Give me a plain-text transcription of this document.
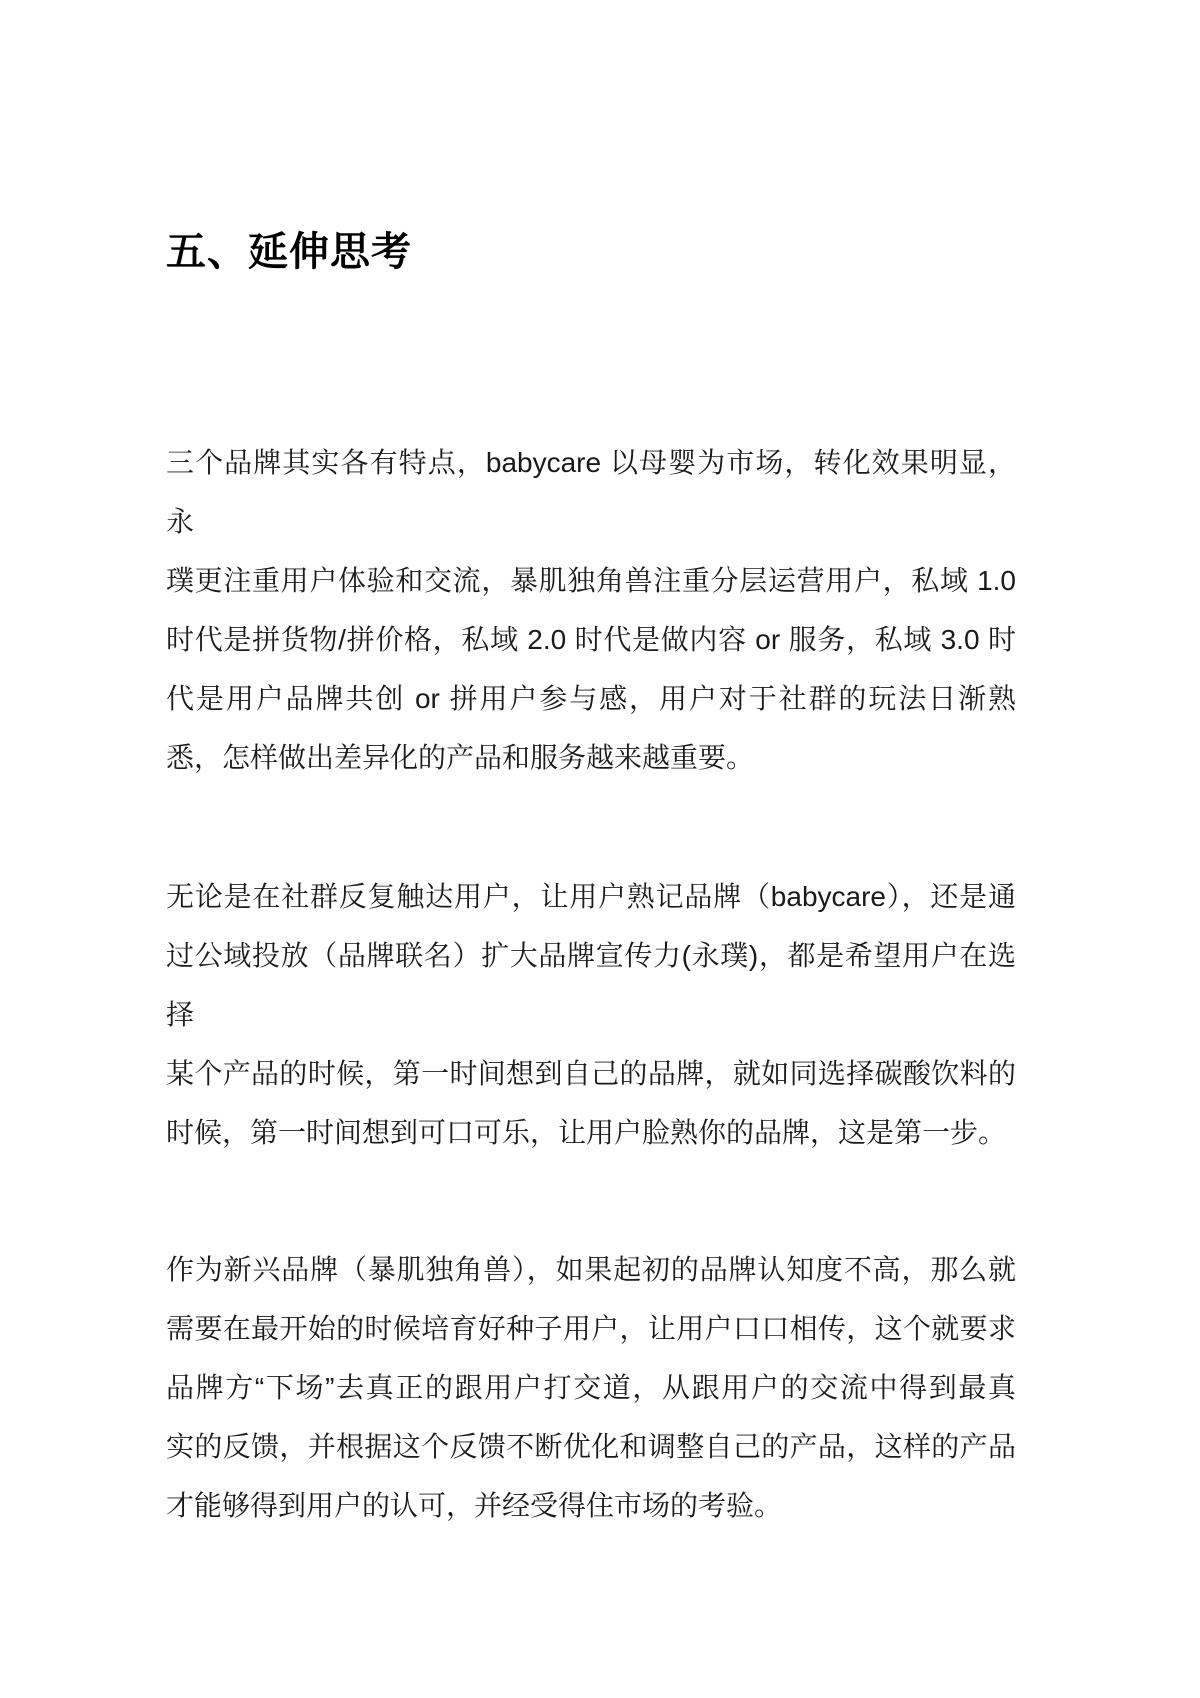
五、延伸思考
三个品牌其实各有特点，babycare 以母婴为市场，转化效果明显，永
璞更注重用户体验和交流，暴肌独角兽注重分层运营用户，私域 1.0
时代是拼货物/拼价格，私域 2.0 时代是做内容 or 服务，私域 3.0 时
代是用户品牌共创 or 拼用户参与感，用户对于社群的玩法日渐熟
悉，怎样做出差异化的产品和服务越来越重要。
无论是在社群反复触达用户，让用户熟记品牌（babycare），还是通
过公域投放（品牌联名）扩大品牌宣传力(永璞)，都是希望用户在选择
某个产品的时候，第一时间想到自己的品牌，就如同选择碳酸饮料的
时候，第一时间想到可口可乐，让用户脸熟你的品牌，这是第一步。
作为新兴品牌（暴肌独角兽），如果起初的品牌认知度不高，那么就
需要在最开始的时候培育好种子用户，让用户口口相传，这个就要求
品牌方“下场”去真正的跟用户打交道，从跟用户的交流中得到最真
实的反馈，并根据这个反馈不断优化和调整自己的产品，这样的产品
才能够得到用户的认可，并经受得住市场的考验。
